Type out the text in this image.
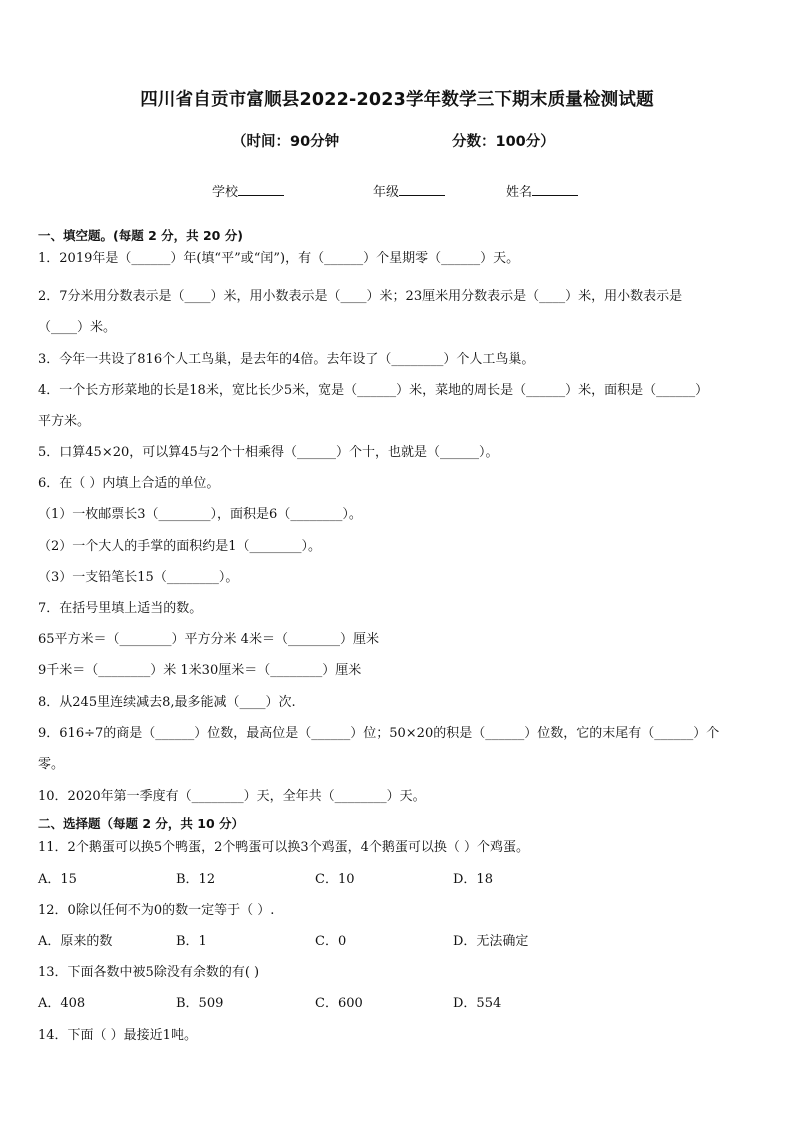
四川省自贡市富顺县2022-2023学年数学三下期末质量检测试题
（时间：90分钟	分数：100分）
学校	年级	姓名
一、填空题。(每题 2 分，共 20 分)
1．2019年是（______）年(填“平”或“闰”)，有（______）个星期零（______）天。
2．7分米用分数表示是（____）米，用小数表示是（____）米；23厘米用分数表示是（____）米，用小数表示是
（____）米。
3．今年一共设了816个人工鸟巢，是去年的4倍。去年设了（________）个人工鸟巢。
4．一个长方形菜地的长是18米，宽比长少5米，宽是（______）米，菜地的周长是（______）米，面积是（______）
平方米。
5．口算45×20，可以算45与2个十相乘得（______）个十，也就是（______）。
6．在（ ）内填上合适的单位。
（1）一枚邮票长3（________），面积是6（________）。
（2）一个大人的手掌的面积约是1（________）。
（3）一支铅笔长15（________）。
7．在括号里填上适当的数。
65平方米＝（________）平方分米 4米＝（________）厘米
9千米＝（________）米 1米30厘米＝（________）厘米
8．从245里连续减去8,最多能减（____）次.
9．616÷7的商是（______）位数，最高位是（______）位；50×20的积是（______）位数，它的末尾有（______）个
零。
10．2020年第一季度有（________）天，全年共（________）天。
二、选择题（每题 2 分，共 10 分）
11．2个鹅蛋可以换5个鸭蛋，2个鸭蛋可以换3个鸡蛋，4个鹅蛋可以换（ ）个鸡蛋。
A．15	B．12	C．10	D．18
12．0除以任何不为0的数一定等于（ ）.
A．原来的数	B．1	C．0	D．无法确定
13．下面各数中被5除没有余数的有( )
A．408	B．509	C．600	D．554
14．下面（ ）最接近1吨。
